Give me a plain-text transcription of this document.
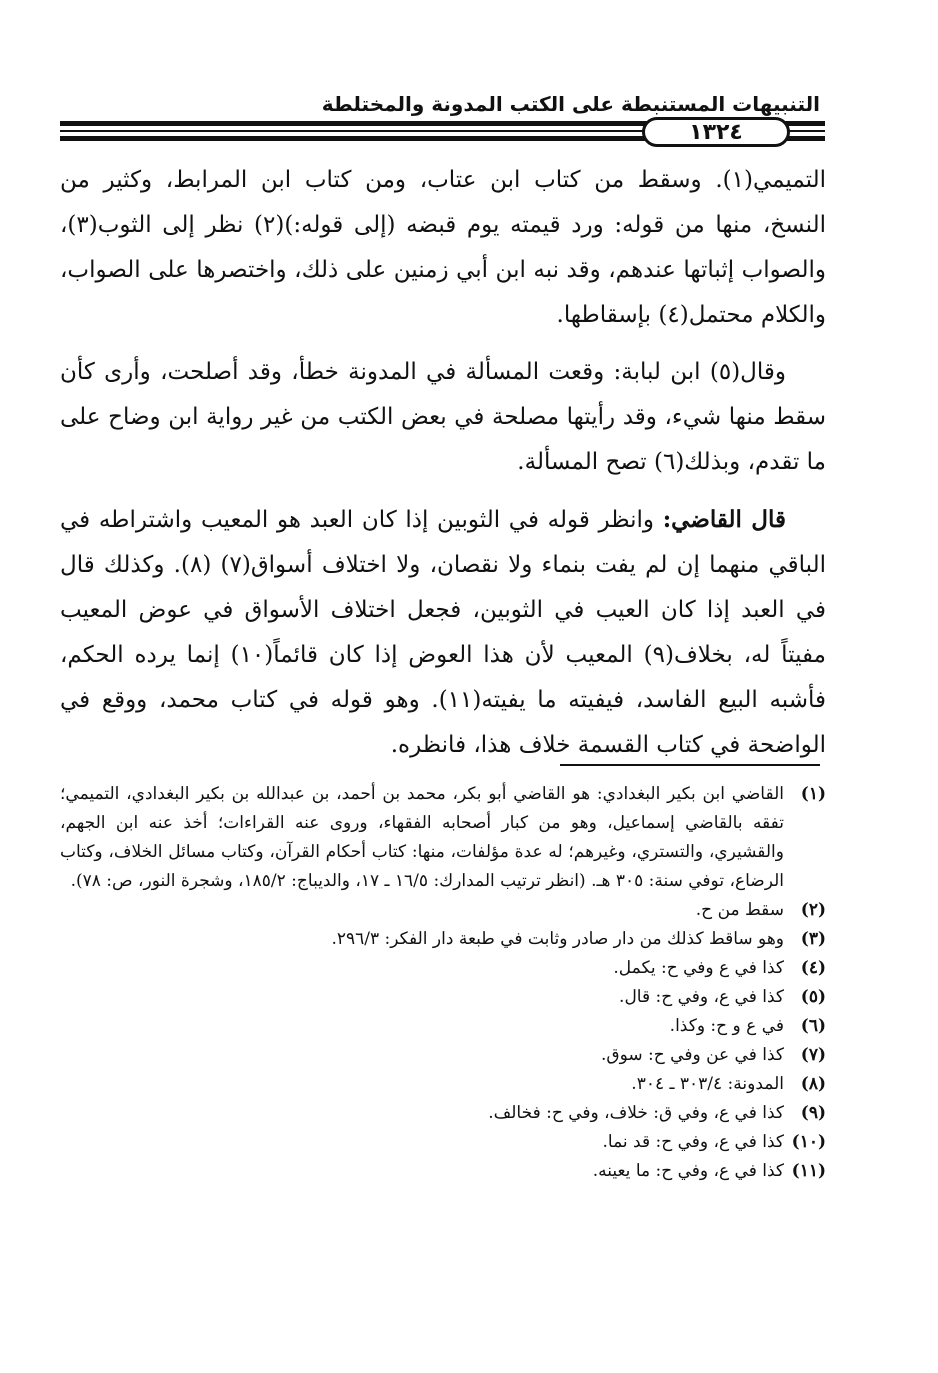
التنبيهات المستنبطة على الكتب المدونة والمختلطة
١٣٢٤

التميمي(١). وسقط من كتاب ابن عتاب، ومن كتاب ابن المرابط، وكثير من النسخ، منها من قوله: ورد قيمته يوم قبضه (إلى قوله:)(٢) نظر إلى الثوب(٣)، والصواب إثباتها عندهم، وقد نبه ابن أبي زمنين على ذلك، واختصرها على الصواب، والكلام محتمل(٤) بإسقاطها.

وقال(٥) ابن لبابة: وقعت المسألة في المدونة خطأ، وقد أصلحت، وأرى كأن سقط منها شيء، وقد رأيتها مصلحة في بعض الكتب من غير رواية ابن وضاح على ما تقدم، وبذلك(٦) تصح المسألة.

قال القاضي: وانظر قوله في الثوبين إذا كان العبد هو المعيب واشتراطه في الباقي منهما إن لم يفت بنماء ولا نقصان، ولا اختلاف أسواق(٧) (٨). وكذلك قال في العبد إذا كان العيب في الثوبين، فجعل اختلاف الأسواق في عوض المعيب مفيتاً له، بخلاف(٩) المعيب لأن هذا العوض إذا كان قائماً(١٠) إنما يرده الحكم، فأشبه البيع الفاسد، فيفيته ما يفيته(١١). وهو قوله في كتاب محمد، ووقع في الواضحة في كتاب القسمة خلاف هذا، فانظره.

(١)
القاضي ابن بكير البغدادي: هو القاضي أبو بكر، محمد بن أحمد، بن عبدالله بن بكير البغدادي، التميمي؛ تفقه بالقاضي إسماعيل، وهو من كبار أصحابه الفقهاء، وروى عنه القراءات؛ أخذ عنه ابن الجهم، والقشيري، والتستري، وغيرهم؛ له عدة مؤلفات، منها: كتاب أحكام القرآن، وكتاب مسائل الخلاف، وكتاب الرضاع، توفي سنة: ٣٠٥ هـ. (انظر ترتيب المدارك: ١٦/٥ ـ ١٧، والديباج: ١٨٥/٢، وشجرة النور، ص: ٧٨).
(٢)
سقط من ح.
(٣)
وهو ساقط كذلك من دار صادر وثابت في طبعة دار الفكر: ٢٩٦/٣.
(٤)
كذا في ع وفي ح: يكمل.
(٥)
كذا في ع، وفي ح: قال.
(٦)
في ع و ح: وكذا.
(٧)
كذا في عن وفي ح: سوق.
(٨)
المدونة: ٣٠٣/٤ ـ ٣٠٤.
(٩)
كذا في ع، وفي ق: خلاف، وفي ح: فخالف.
(١٠)
كذا في ع، وفي ح: قد نما.
(١١)
كذا في ع، وفي ح: ما يعينه.
